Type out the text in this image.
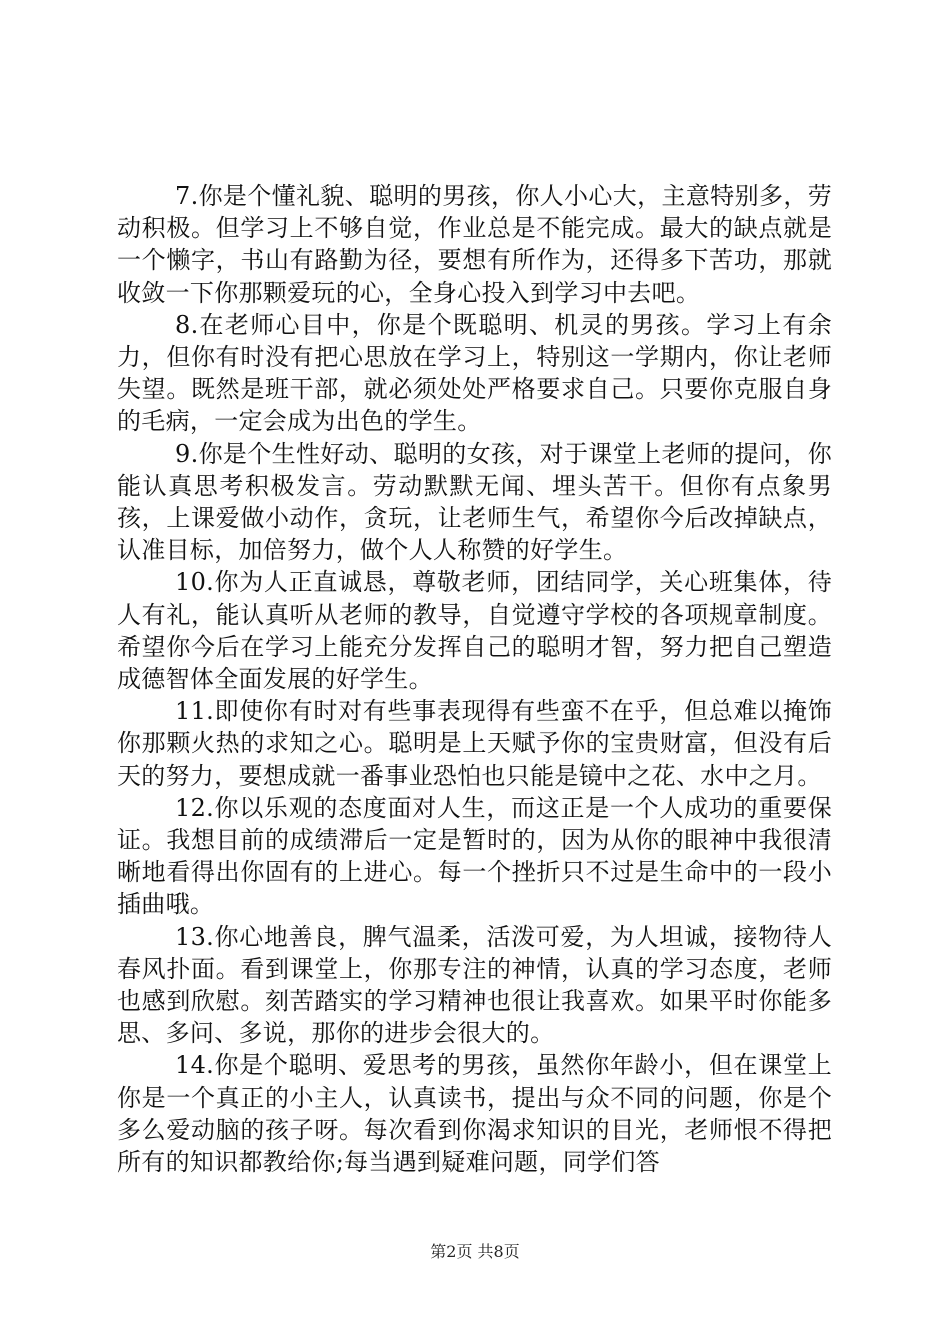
7.你是个懂礼貌、聪明的男孩，你人小心大，主意特别多，劳动积极。但学习上不够自觉，作业总是不能完成。最大的缺点就是一个懒字，书山有路勤为径，要想有所作为，还得多下苦功，那就收敛一下你那颗爱玩的心，全身心投入到学习中去吧。

8.在老师心目中，你是个既聪明、机灵的男孩。学习上有余力，但你有时没有把心思放在学习上，特别这一学期内，你让老师失望。既然是班干部，就必须处处严格要求自己。只要你克服自身的毛病，一定会成为出色的学生。

9.你是个生性好动、聪明的女孩，对于课堂上老师的提问，你能认真思考积极发言。劳动默默无闻、埋头苦干。但你有点象男孩，上课爱做小动作，贪玩，让老师生气，希望你今后改掉缺点，认准目标，加倍努力，做个人人称赞的好学生。

10.你为人正直诚恳，尊敬老师，团结同学，关心班集体，待人有礼，能认真听从老师的教导，自觉遵守学校的各项规章制度。希望你今后在学习上能充分发挥自己的聪明才智，努力把自己塑造成德智体全面发展的好学生。

11.即使你有时对有些事表现得有些蛮不在乎，但总难以掩饰你那颗火热的求知之心。聪明是上天赋予你的宝贵财富，但没有后天的努力，要想成就一番事业恐怕也只能是镜中之花、水中之月。

12.你以乐观的态度面对人生，而这正是一个人成功的重要保证。我想目前的成绩滞后一定是暂时的，因为从你的眼神中我很清晰地看得出你固有的上进心。每一个挫折只不过是生命中的一段小插曲哦。

13.你心地善良，脾气温柔，活泼可爱，为人坦诚，接物待人春风扑面。看到课堂上，你那专注的神情，认真的学习态度，老师也感到欣慰。刻苦踏实的学习精神也很让我喜欢。如果平时你能多思、多问、多说，那你的进步会很大的。

14.你是个聪明、爱思考的男孩，虽然你年龄小，但在课堂上你是一个真正的小主人，认真读书，提出与众不同的问题，你是个多么爱动脑的孩子呀。每次看到你渴求知识的目光，老师恨不得把所有的知识都教给你;每当遇到疑难问题，同学们答

第2页 共8页
